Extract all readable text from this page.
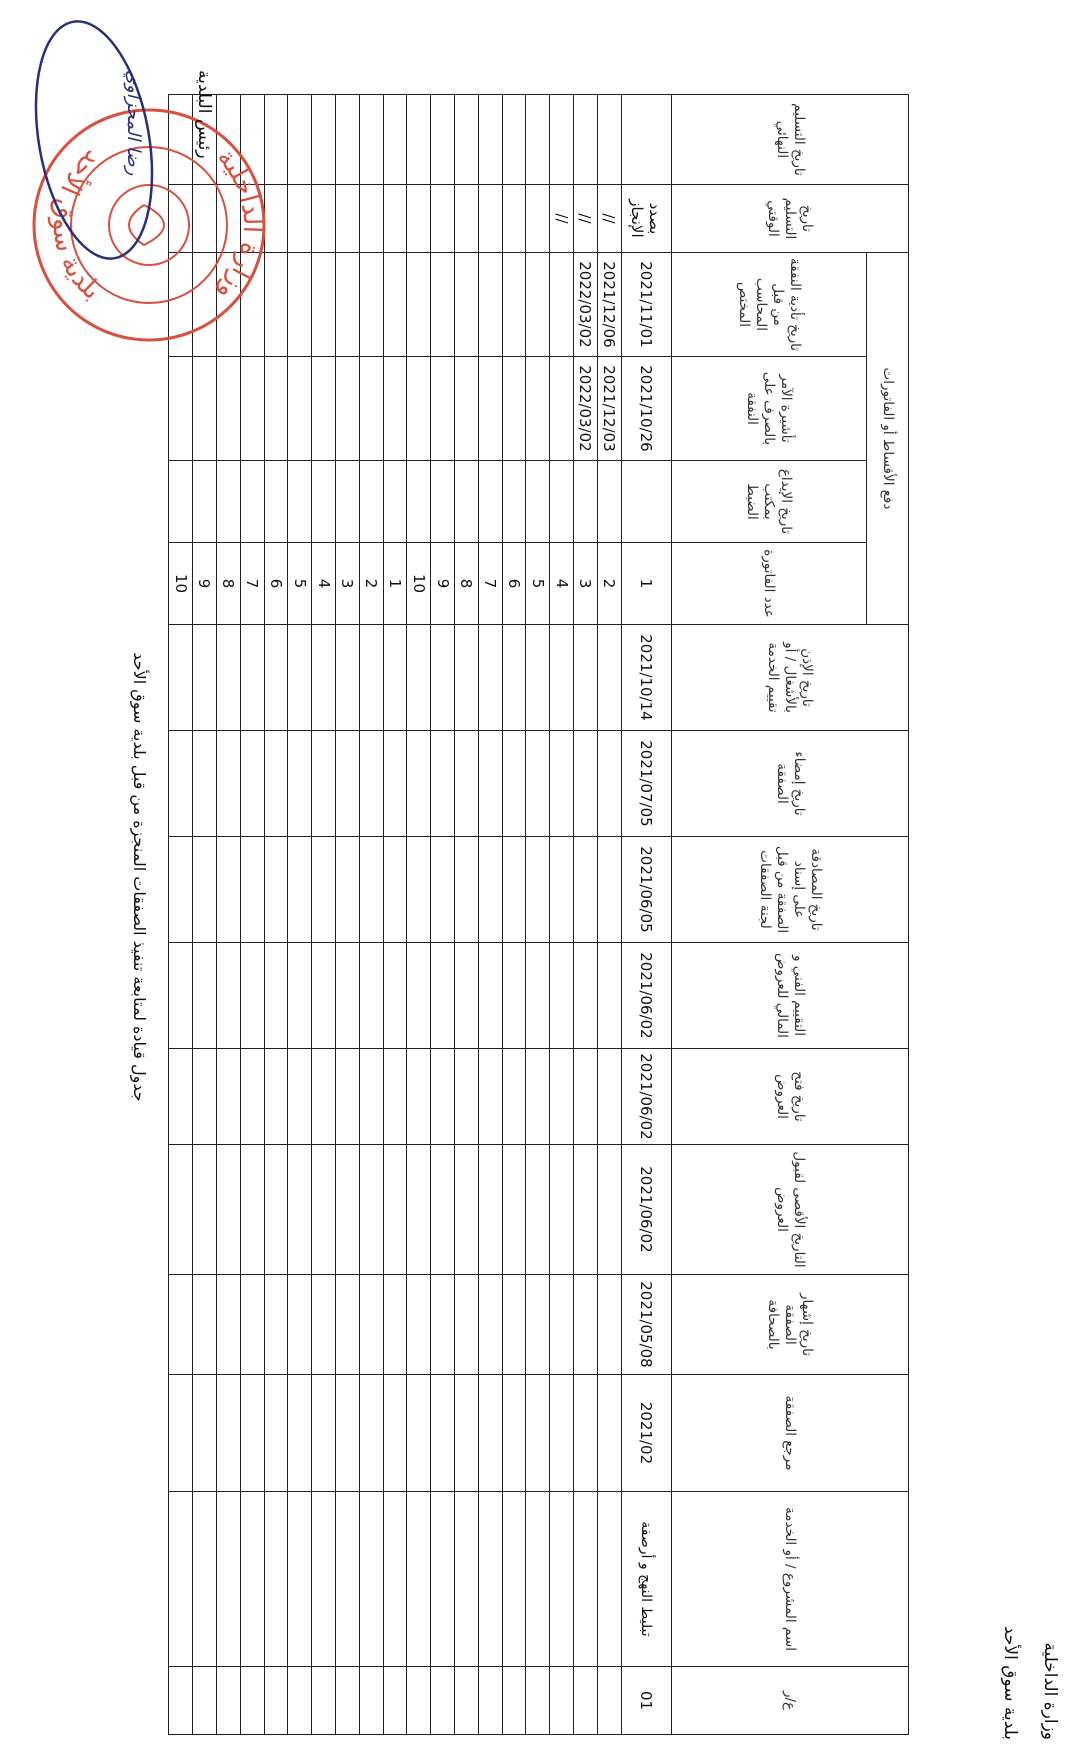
وزارة الداخلية
بلدية سوق الأحد
ع/ر	اسم المشروع / أو الخدمة	مرجع الصفقة	تاريخ إشهار الصفقة بالصحافة	التاريخ الأقصى لقبول العروض	تاريخ فتح العروض	التقييم الفني و المالي للعروض	تاريخ المصادقة على إسناد الصفقة من قبل لجنة الصفقات	تاريخ إمضاء الصفقة	تاريخ الإذن بالأشغال / أو تقييم الخدمة	دفع الأقساط أو الفاتورات				تاريخ التسليم الوقتي	تاريخ التسليم النهائي
										عدد الفاتورة	تاريخ الإيداع بمكتب الضبط	تأشيرة الآمر بالصرف على النفقة	تاريخ تأدية النفقة من قبل المحاسب المختص		
01	تبليط النهج و أرصفة	2021/02	2021/05/08	2021/06/02	2021/06/02	2021/06/02	2021/06/05	2021/07/05	2021/10/14	1		2021/10/26	2021/11/01	بصدد الإنجاز	
										2		2021/12/03	2021/12/06	//	
										3		2022/03/02	2022/03/02	//	
										4				//	
										5					
										6					
										7					
										8					
										9					
										10					
										1					
										2					
										3					
										4					
										5					
										6					
										7					
										8					
										9					
										10					
جدول قيادة لمتابعة تنفيذ الصفقات المنجزة من قبل بلدية سوق الأحد
وزارة الداخلية
بلدية سوق الأحد
رئيس البلدية
رضا المحزاوي
